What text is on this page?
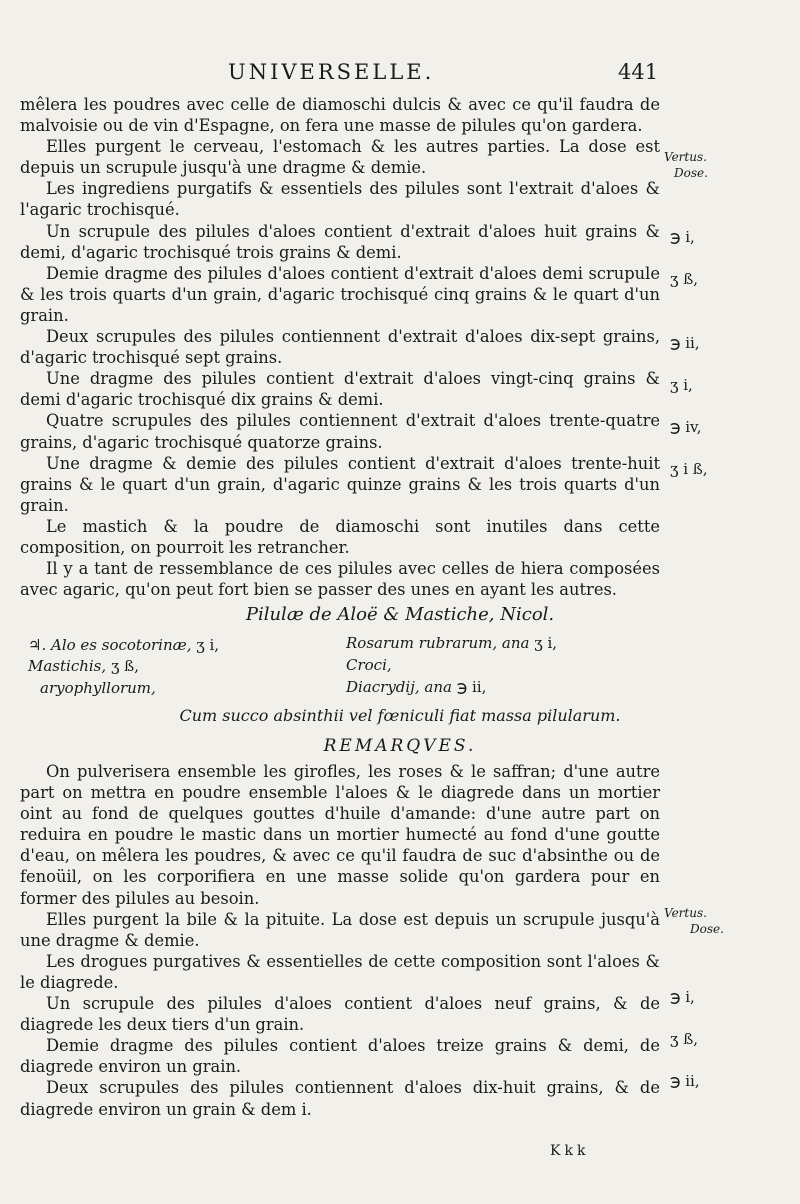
UNIVERSELLE.	441

mêlera les poudres avec celle de diamoschi dulcis & avec ce qu'il faudra de malvoisie ou de vin d'Espagne, on fera une masse de pilules qu'on gardera.

Elles purgent le cerveau, l'estomach & les autres parties. La dose est depuis un scrupule jusqu'à une dragme & demie.

Les ingrediens purgatifs & essentiels des pilules sont l'extrait d'aloes & l'agaric trochisqué.

Un scrupule des pilules d'aloes contient d'extrait d'aloes huit grains & demi, d'agaric trochisqué trois grains & demi.

Demie dragme des pilules d'aloes contient d'extrait d'aloes demi scrupule & les trois quarts d'un grain, d'agaric trochisqué cinq grains & le quart d'un grain.

Deux scrupules des pilules contiennent d'extrait d'aloes dix-sept grains, d'agaric trochisqué sept grains.

Une dragme des pilules contient d'extrait d'aloes vingt-cinq grains & demi d'agaric trochisqué dix grains & demi.

Quatre scrupules des pilules contiennent d'extrait d'aloes trente-quatre grains, d'agaric trochisqué quatorze grains.

Une dragme & demie des pilules contient d'extrait d'aloes trente-huit grains & le quart d'un grain, d'agaric quinze grains & les trois quarts d'un grain.

Le mastich & la poudre de diamoschi sont inutiles dans cette composition, on pourroit les retrancher.

Il y a tant de ressemblance de ces pilules avec celles de hiera composées avec agaric, qu'on peut fort bien se passer des unes en ayant les autres.

Vertus.
Dose.
℈ i,
ʒ ß,
℈ ii,
ʒ i,
℈ iv,
ʒ i ß,
Pilulæ de Aloë & Mastiche, Nicol.
♃. Alo es socotorinæ, ʒ i,
Mastichis, ʒ ß,
aryophyllorum,
Rosarum rubrarum, ana ʒ i,
Croci,
Diacrydij, ana ℈ ii,
Cum succo absinthii vel fœniculi fiat massa pilularum.
REMARQVES.

On pulverisera ensemble les girofles, les roses & le saffran; d'une autre part on mettra en poudre ensemble l'aloes & le diagrede dans un mortier oint au fond de quelques gouttes d'huile d'amande: d'une autre part on reduira en poudre le mastic dans un mortier humecté au fond d'une goutte d'eau, on mêlera les poudres, & avec ce qu'il faudra de suc d'absinthe ou de fenoüil, on les corporifiera en une masse solide qu'on gardera pour en former des pilules au besoin.

Elles purgent la bile & la pituite. La dose est depuis un scrupule jusqu'à une dragme & demie.

Les drogues purgatives & essentielles de cette composition sont l'aloes & le diagrede.

Un scrupule des pilules d'aloes contient d'aloes neuf grains, & de diagrede les deux tiers d'un grain.

Demie dragme des pilules contient d'aloes treize grains & demi, de diagrede environ un grain.

Deux scrupules des pilules contiennent d'aloes dix-huit grains, & de diagrede environ un grain & dem i.

Vertus.
Dose.
℈ i,
ʒ ß,
℈ ii,
Kkk
